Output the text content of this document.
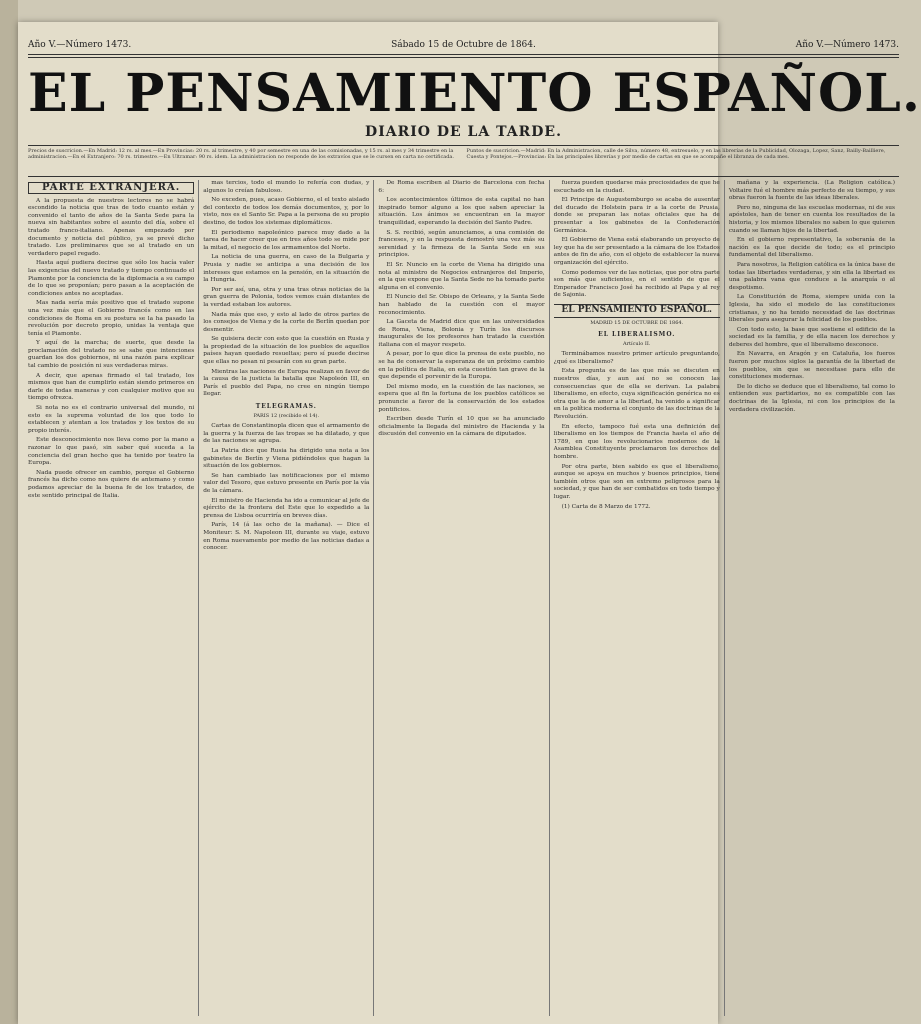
Año V.—Número 1473.	Sábado 15 de Octubre de 1864.	Año V.—Número 1473.
EL PENSAMIENTO ESPAÑOL.
DIARIO DE LA TARDE.
Precios de suscricion.—En Madrid: 12 rs. al mes.—En Provincias: 20 rs. al trimestre, y 40 por semestre en una de las comisionadas, y 15 rs. al mes y 34 trimestre en la administracion.—En el Extranjero: 70 rs. trimestre.—En Ultramar: 90 rs. idem. La administracion no responde de los extravíos que se le cursen en carta no certificada.
Puntos de suscricion.—Madrid: En la Administracion, calle de Silva, número 48, entresuelo, y en las librerías de la Publicidad, Olozaga, Lopez, Sanz, Bailly-Bailliere, Cuesta y Pontejos.—Provincias: En las principales librerías y por medio de cartas en que se acompañe el libranza de cada mes.
PARTE EXTRANJERA.

A la propuesta de nuestros lectores no se habrá escondido la noticia que tras de todo cuanto están y convenido el tanto de años de la Santa Sede para la nueva sin habitantes sobre el asunto del día, sobre el tratado franco-italiano. Apenas empezado por documento y noticia del público, ya se prevé dicho tratado. Los preliminares que se al tratado en un verdadero papel regado.

Hasta aquí pudiera decirse que sólo los hacía valer las exigencias del nuevo tratado y tiempo continuado el Piamonte por la conciencia de la diplomacia a su campo de lo que se proponían; pero pasan a la aceptación de condiciones antes no aceptadas.

Mas nada sería más positivo que el tratado supone una vez más que el Gobierno francés como en las condiciones de Roma en su postura se la ha pasado la revolución por decreto propio, unidas la ventaja que tenía el Piamonte.

Y aquí de la marcha; de suerte, que desde la proclamación del tratado no se sabe que intenciones guardan los dos gobiernos, ni una razón para explicar tal cambio de posición ni sus verdaderas miras.

A decir, que apenas firmado el tal tratado, los mismos que han de cumplirlo están siendo primeros en darle de todas maneras y con cualquier motivo que su tiempo ofrezca.

Si nota no es el contrario universal del mundo, ni esto es la suprema voluntad de los que todo lo establecen y atentan a los tratados y los textos de su propio interés.

Este desconocimiento nos lleva como por la mano a razonar lo que pasó, sin saber qué suceda a la conciencia del gran hecho que ha tenido por teatro la Europa.

Nada puede ofrecer en cambio, porque el Gobierno francés ha dicho como nos quiere de antemano y como podamos apreciar de la buena fe de los tratados, de este sentido principal de Italia.

mas tercios, todo el mundo lo refería con dudas, y algunos lo creían fabuloso.

No exceden, pues, acaso Gobierno, el el texto aislado del contexto de todos los demás documentos, y, por lo visto, nos es el Santo Sr. Papa a la persona de su propio destino, de todos los sistemas diplomáticos.

El periodismo napoleónico parece muy dado a la tarea de hacer creer que en tres años todo se mide por la mitad, el negocio de los armamentos del Norte.

La noticia de una guerra, en caso de la Bulgaria y Prusia y nadie se anticipa a una decisión de los intereses que estamos en la pensión, en la situación de la Hungria.

Por ser así, una, otra y una tras otras noticias de la gran guerra de Polonia, todos vemos cuán distantes de la verdad estaban los autores.

Nada más que eso, y esto al lado de otros partes de los consejos de Viena y de la corte de Berlín quedan por desmentir.

Se quisiera decir con esto que la cuestión en Rusia y la propiedad de la situación de los pueblos de aquellos países hayan quedado resueltas; pero sí puede decirse que ellas no pesan ni pesarán con su gran parte.

Mientras las naciones de Europa realizan en favor de la causa de la justicia la batalla que Napoleón III, en París el pueblo del Papa, no cree en ningún tiempo llegar.

TELEGRAMAS.
PARIS 12 (recibido el 14).

Cartas de Constantinopla dicen que el armamento de la guerra y la fuerza de las tropas se ha dilatado, y que de las naciones se agrupa.

La Patria dice que Rusia ha dirigido una nota a los gabinetes de Berlín y Viena pidiéndoles que hagan la situación de los gobiernos.

Se han cambiado las notificaciones por el mismo valor del Tesoro, que estuvo presente en París por la vía de la cámara.

El ministro de Hacienda ha ido a comunicar al jefe de ejército de la frontera del Este que lo expedido a la prensa de Lisboa ocurriría en breves días.

París, 14 (á las ocho de la mañana). — Dice el Moniteur: S. M. Napoleon III, durante su viaje, estuvo en Roma nuevamente por medio de las noticias dadas a conocer.

De Roma escriben al Diario de Barcelona con fecha 6:

Los acontecimientos últimos de esta capital no han inspirado temor alguno a los que saben apreciar la situación. Los ánimos se encuentran en la mayor tranquilidad, esperando la decisión del Santo Padre.

S. S. recibió, según anunciamos, a una comisión de franceses, y en la respuesta demostró una vez más su serenidad y la firmeza de la Santa Sede en sus principios.

El Sr. Nuncio en la corte de Viena ha dirigido una nota al ministro de Negocios extranjeros del Imperio, en la que expone que la Santa Sede no ha tomado parte alguna en el convenio.

El Nuncio del Sr. Obispo de Orleans, y la Santa Sede han hablado de la cuestión con el mayor reconocimiento.

La Gaceta de Madrid dice que en las universidades de Roma, Viena, Bolonia y Turín los discursos inaugurales de los profesores han tratado la cuestión italiana con el mayor respeto.

A pesar, por lo que dice la prensa de este pueblo, no se ha de conservar la esperanza de un próximo cambio en la política de Italia, en esta cuestión tan grave de la que depende el porvenir de la Europa.

Del mismo modo, en la cuestión de las naciones, se espera que al fin la fortuna de los pueblos católicos se pronuncie a favor de la conservación de los estados pontificios.

Escriben desde Turín el 10 que se ha anunciado oficialmente la llegada del ministro de Hacienda y la discusión del convenio en la cámara de diputados.

fuerza pueden quedarse más preciosidades de que he escuchado en la ciudad.

El Principe de Augustemburgo se acaba de ausentar del ducado de Holstein para ir a la corte de Prusia, donde se preparan las notas oficiales que ha de presentar a los gabinetes de la Confederación Germánica.

El Gobierno de Viena está elaborando un proyecto de ley que ha de ser presentado a la cámara de los Estados antes de fin de año, con el objeto de establecer la nueva organización del ejército.

Como podemos ver de las noticias, que por otra parte son más que suficientes, en el sentido de que el Emperador Francisco José ha recibido al Papa y al rey de Sajonia.

EL PENSAMIENTO ESPAÑOL.
MADRID 15 DE OCTUBRE DE 1864.
EL LIBERALISMO.
Artículo II.

Terminábamos nuestro primer artículo preguntando, ¿qué es liberalismo?

Esta pregunta es de las que más se discuten en nuestros días, y aun así no se conocen las consecuencias que de ella se derivan. La palabra liberalismo, en efecto, cuya significación genérica no es otra que la de amor a la libertad, ha venido a significar en la política moderna el conjunto de las doctrinas de la Revolución.

En efecto, tampoco fué esta una definición del liberalismo en los tiempos de Francia hasta el año de 1789, en que los revolucionarios modernos de la Asamblea Constituyente proclamaron los derechos del hombre.

Por otra parte, bien sabido es que el liberalismo, aunque se apoya en muchos y buenos principios, tiene también otros que son en extremo peligrosos para la sociedad, y que han de ser combatidos en todo tiempo y lugar.

(1) Carta de 8 Marzo de 1772.

mañana y la experiencia. (La Religion católica.) Voltaire fué el hombre más perfecto de su tiempo, y sus obras fueron la fuente de las ideas liberales.

Pero no, ninguna de las escuelas modernas, ni de sus apóstoles, han de tener en cuenta los resultados de la historia, y los mismos liberales no saben lo que quieren cuando se llaman hijos de la libertad.

En el gobierno representativo, la soberanía de la nación es la que decide de todo; es el principio fundamental del liberalismo.

Para nosotros, la Religion católica es la única base de todas las libertades verdaderas, y sin ella la libertad es una palabra vana que conduce a la anarquía o al despotismo.

La Constitución de Roma, siempre unida con la Iglesia, ha sido el modelo de las constituciones cristianas, y no ha tenido necesidad de las doctrinas liberales para asegurar la felicidad de los pueblos.

Con todo esto, la base que sostiene el edificio de la sociedad es la familia, y de ella nacen los derechos y deberes del hombre, que el liberalismo desconoce.

En Navarra, en Aragón y en Cataluña, los fueros fueron por muchos siglos la garantía de la libertad de los pueblos, sin que se necesitase para ello de constituciones modernas.

De lo dicho se deduce que el liberalismo, tal como lo entienden sus partidarios, no es compatible con las doctrinas de la Iglesia, ni con los principios de la verdadera civilización.
